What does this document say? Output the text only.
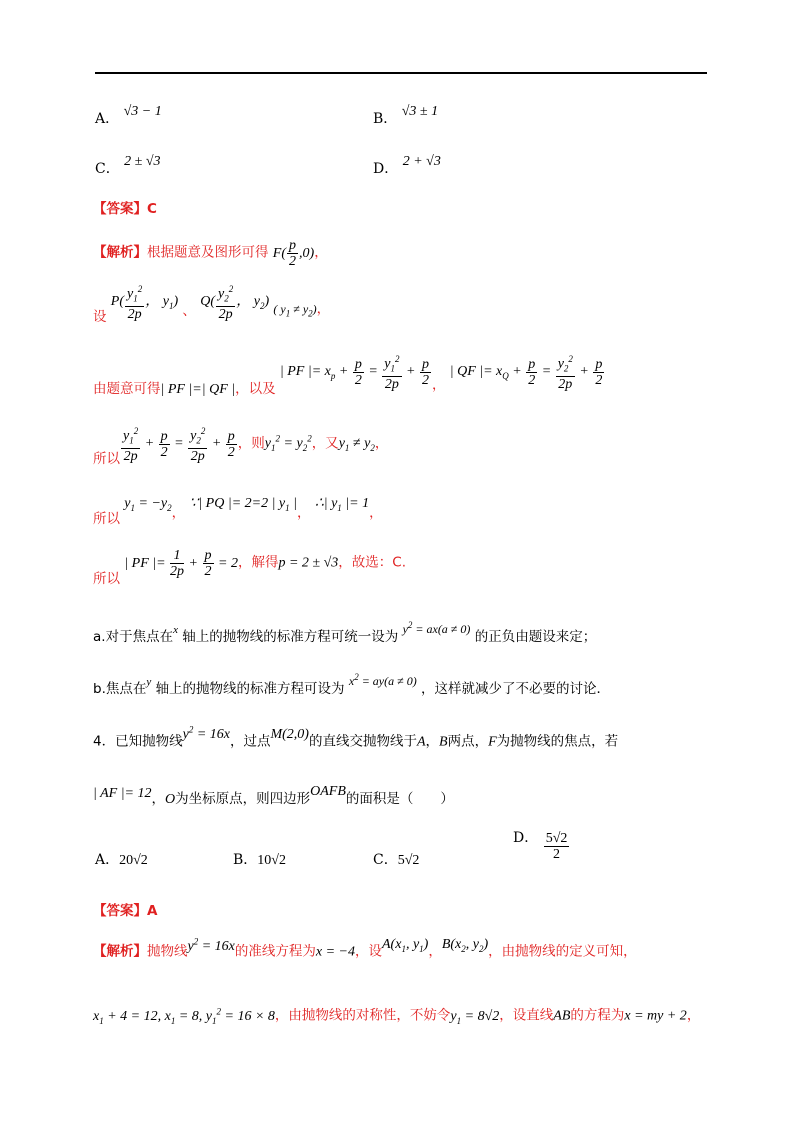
A． √3 − 1	B． √3 ± 1
C． 2 ± √3	D． 2 + √3
【答案】C
【解析】根据题意及图形可得 $F( \frac{p}{2} ,0)$，
设 $P( \frac{y_1^2}{2p}$ ， $y_1$) 、 $Q( \frac{y_2^2}{2p}$ ， $y_2$) ( $y_1 \ne y_2$)，
由题意可得| PF |=| QF |，以及 | PF |= $x_p + \frac{p}{2} = \frac{y_1^2}{2p} + \frac{p}{2}$ ， | QF |= $x_Q + \frac{p}{2} = \frac{y_2^2}{2p} + \frac{p}{2}$
所以 $\frac{y_1^2}{2p} + \frac{p}{2} = \frac{y_2^2}{2p} + \frac{p}{2}$ ，则$y_1^2 = y_2^2$，又$y_1 \ne y_2$，
所以 $y_1 = -y_2$， ∵| PQ |= 2=2 | $y_1$ |， ∴| $y_1$ |= 1，
所以 | PF |= $\frac{1}{2p} + \frac{p}{2} = 2$，解得p = 2 ± √3，故选：C.
a.对于焦点在$^x$ 轴上的抛物线的标准方程可统一设为 $y^2 = ax(a \ne 0)$ 的正负由题设来定；
b.焦点在$^y$ 轴上的抛物线的标准方程可设为 $x^2 = ay(a \ne 0)$ ，这样就减少了不必要的讨论．
4．已知抛物线$y^2 = 16x$，过点M(2,0)的直线交抛物线于A，B两点，F为抛物线的焦点，若
| AF |= 12，O为坐标原点，则四边形OAFB的面积是（　　）
A．20√2	B．10√2	C．5√2
D． $\frac{5√2}{2}$
【答案】A
【解析】抛物线$y^2 = 16x$的准线方程为x = −4，设$A(x_1$, $y_1$)，$B(x_2$, $y_2$)，由抛物线的定义可知，
$x_1 + 4 = 12$, $x_1 = 8$, $y_1^2 = 16 \times 8$，由抛物线的对称性，不妨令$y_1 = 8√2$，设直线AB的方程为x = my + 2，
